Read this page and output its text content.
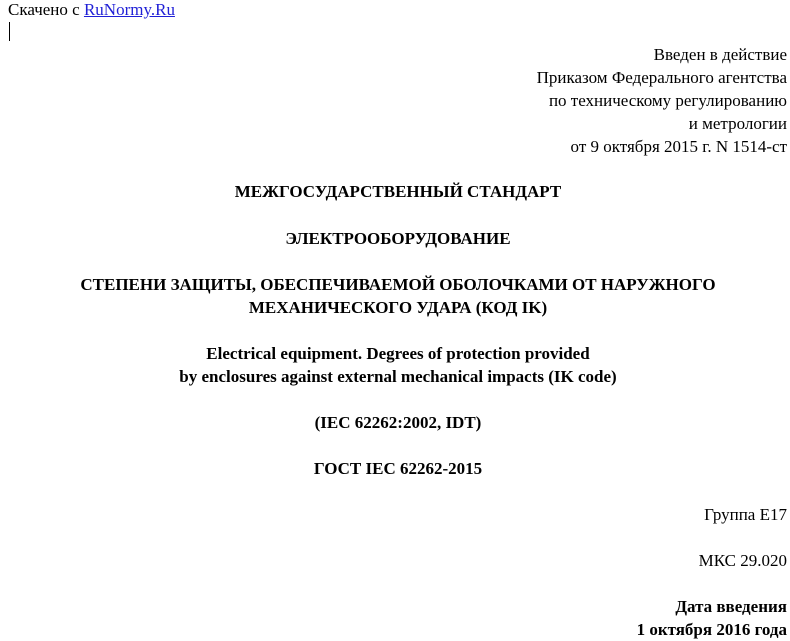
Скачено с RuNormy.Ru
Введен в действие
Приказом Федерального агентства
по техническому регулированию
и метрологии
от 9 октября 2015 г. N 1514-ст
МЕЖГОСУДАРСТВЕННЫЙ СТАНДАРТ
ЭЛЕКТРООБОРУДОВАНИЕ
СТЕПЕНИ ЗАЩИТЫ, ОБЕСПЕЧИВАЕМОЙ ОБОЛОЧКАМИ ОТ НАРУЖНОГО
МЕХАНИЧЕСКОГО УДАРА (КОД IK)
Electrical equipment. Degrees of protection provided
by enclosures against external mechanical impacts (IK code)
(IEC 62262:2002, IDT)
ГОСТ IEC 62262-2015
Группа Е17
МКС 29.020
Дата введения
1 октября 2016 года
